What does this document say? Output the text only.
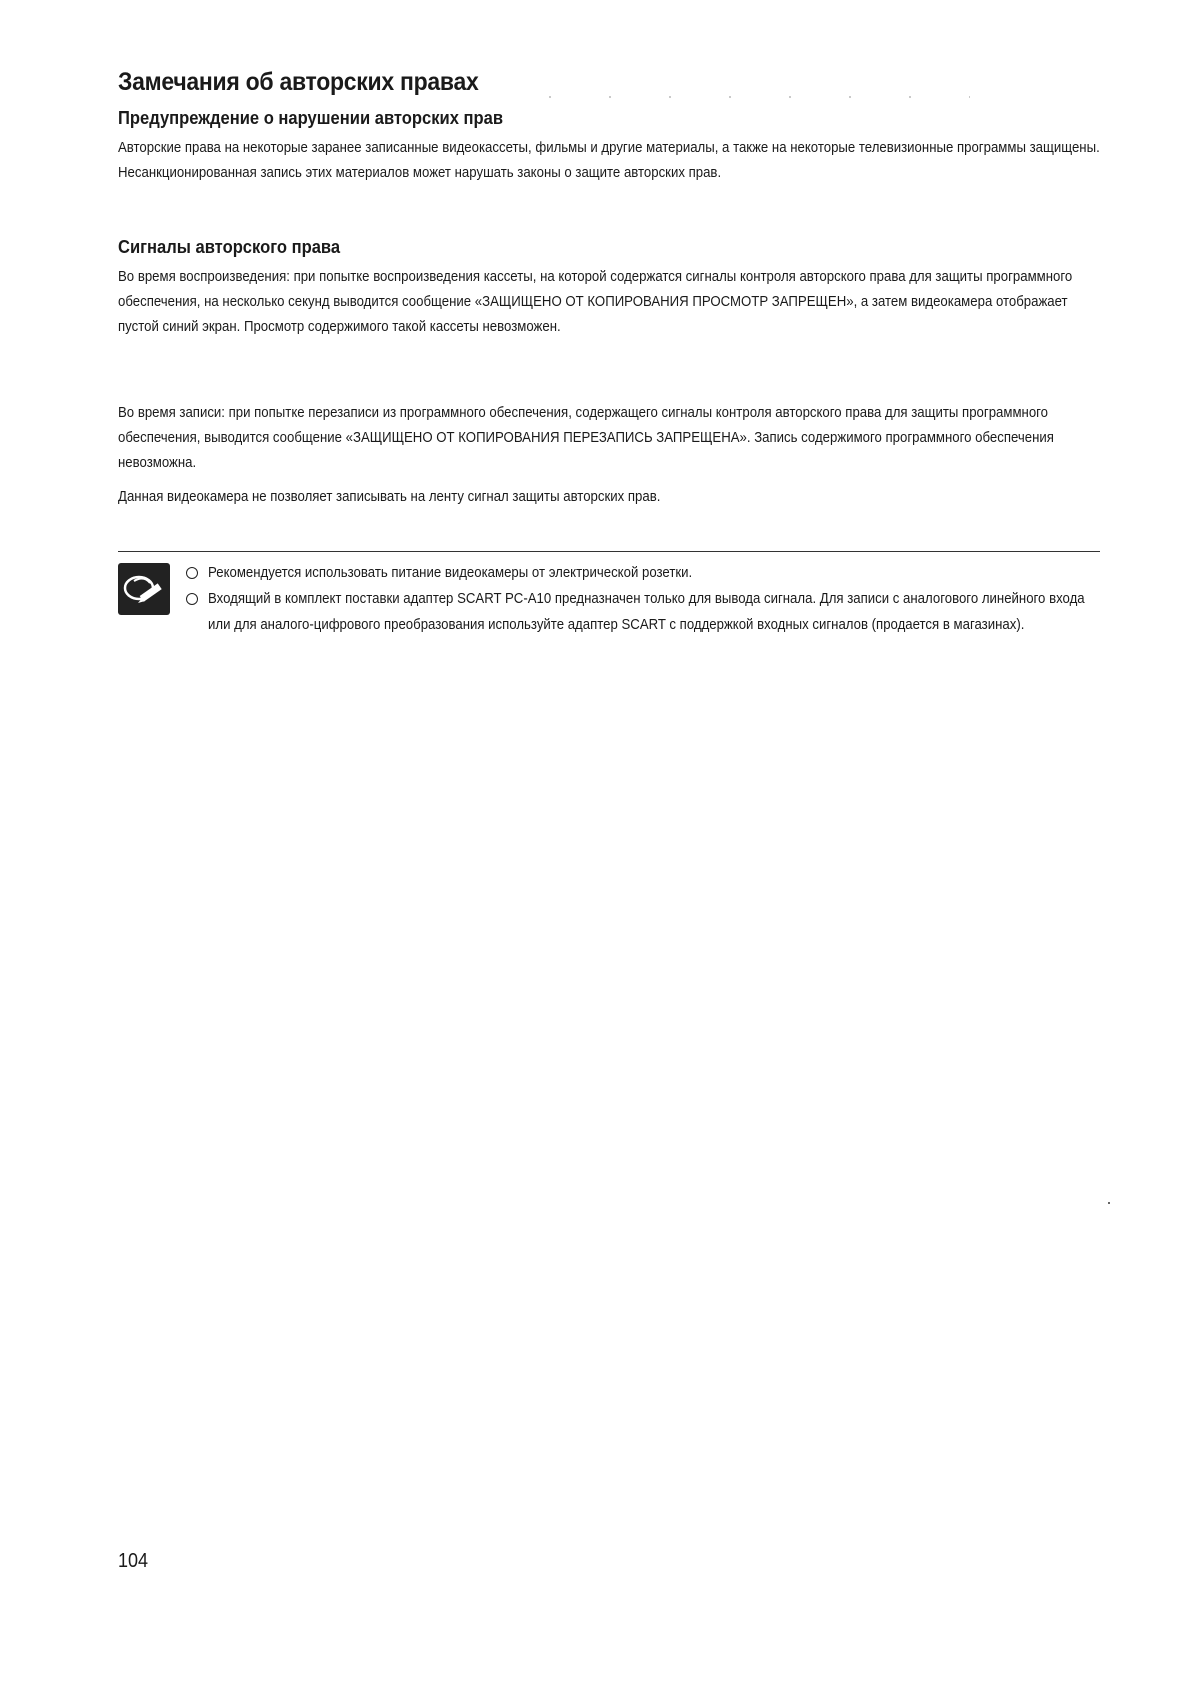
Замечания об авторских правах
Предупреждение о нарушении авторских прав

Авторские права на некоторые заранее записанные видеокассеты, фильмы и другие материалы, а также на некоторые телевизионные программы защищены. Несанкционированная запись этих материалов может нарушать законы о защите авторских прав.

Сигналы авторского права

Во время воспроизведения: при попытке воспроизведения кассеты, на которой содержатся сигналы контроля авторского права для защиты программного обеспечения, на несколько секунд выводится сообщение «ЗАЩИЩЕНО ОТ КОПИРОВАНИЯ ПРОСМОТР ЗАПРЕЩЕН», а затем видеокамера отображает пустой синий экран. Просмотр содержимого такой кассеты невозможен.

Во время записи: при попытке перезаписи из программного обеспечения, содержащего сигналы контроля авторского права для защиты программного обеспечения, выводится сообщение «ЗАЩИЩЕНО ОТ КОПИРОВАНИЯ ПЕРЕЗАПИСЬ ЗАПРЕЩЕНА». Запись содержимого программного обеспечения невозможна.

Данная видеокамера не позволяет записывать на ленту сигнал защиты авторских прав.

Рекомендуется использовать питание видеокамеры от электрической розетки.
Входящий в комплект поставки адаптер SCART PC-A10 предназначен только для вывода сигнала. Для записи с аналогового линейного входа или для аналого-цифрового преобразования используйте адаптер SCART с поддержкой входных сигналов (продается в магазинах).
104
